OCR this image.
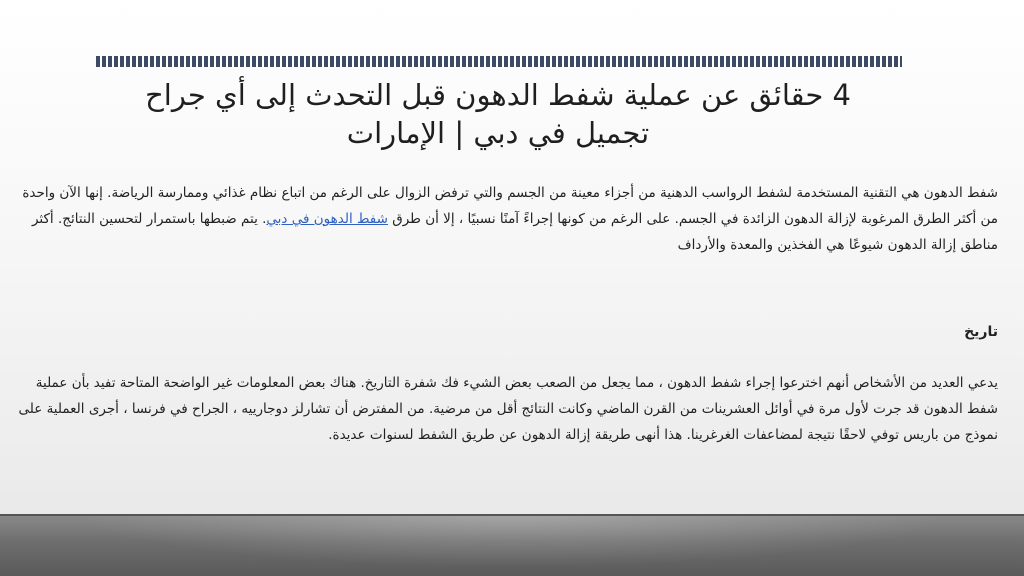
4 حقائق عن عملية شفط الدهون قبل التحدث إلى أي جراح
تجميل في دبي | الإمارات

شفط الدهون هي التقنية المستخدمة لشفط الرواسب الدهنية من أجزاء معينة من الجسم والتي ترفض الزوال على الرغم من اتباع نظام غذائي وممارسة الرياضة. إنها الآن واحدة من أكثر الطرق المرغوبة لإزالة الدهون الزائدة في الجسم. على الرغم من كونها إجراءً آمنًا نسبيًا ، إلا أن طرق شفط الدهون في دبي. يتم ضبطها باستمرار لتحسين النتائج. أكثر مناطق إزالة الدهون شيوعًا هي الفخذين والمعدة والأرداف

تاريخ

يدعي العديد من الأشخاص أنهم اخترعوا إجراء شفط الدهون ، مما يجعل من الصعب بعض الشيء فك شفرة التاريخ. هناك بعض المعلومات غير الواضحة المتاحة تفيد بأن عملية شفط الدهون قد جرت لأول مرة في أوائل العشرينات من القرن الماضي وكانت النتائج أقل من مرضية. من المفترض أن تشارلز دوجارييه ، الجراح في فرنسا ، أجرى العملية على نموذج من باريس توفي لاحقًا نتيجة لمضاعفات الغرغرينا. هذا أنهى طريقة إزالة الدهون عن طريق الشفط لسنوات عديدة.
